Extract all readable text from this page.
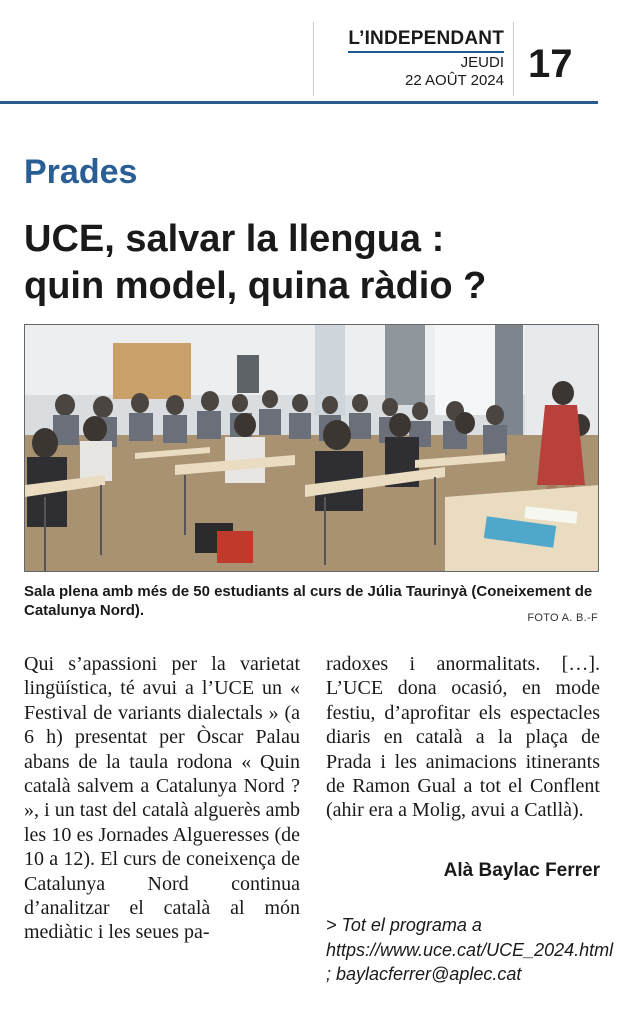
L’INDEPENDANT
JEUDI
22 AOÛT 2024 17
Prades
UCE, salvar la llengua :
quin model, quina ràdio ?
Sala plena amb més de 50 estudiants al curs de Júlia Taurinyà (Coneixement de Catalunya Nord).	FOTO A. B.-F
Qui s’apassioni per la varietat lingüística, té avui a l’UCE un « Festival de variants dialectals » (a 6 h) presentat per Òscar Palau abans de la taula rodona « Quin català salvem a Catalunya Nord ? », i un tast del català alguerès amb les 10 es Jornades Algueresses (de 10 a 12). El curs de coneixença de Catalunya Nord continua d’analitzar el català al món mediàtic i les seues pa-
radoxes i anormalitats. […]. L’UCE dona ocasió, en mode festiu, d’aprofitar els espectacles diaris en català a la plaça de Prada i les animacions itinerants de Ramon Gual a tot el Conflent (ahir era a Molig, avui a Catllà).
Alà Baylac Ferrer
> Tot el programa a https://www.uce.cat/UCE_2024.html ; baylacferrer@aplec.cat
